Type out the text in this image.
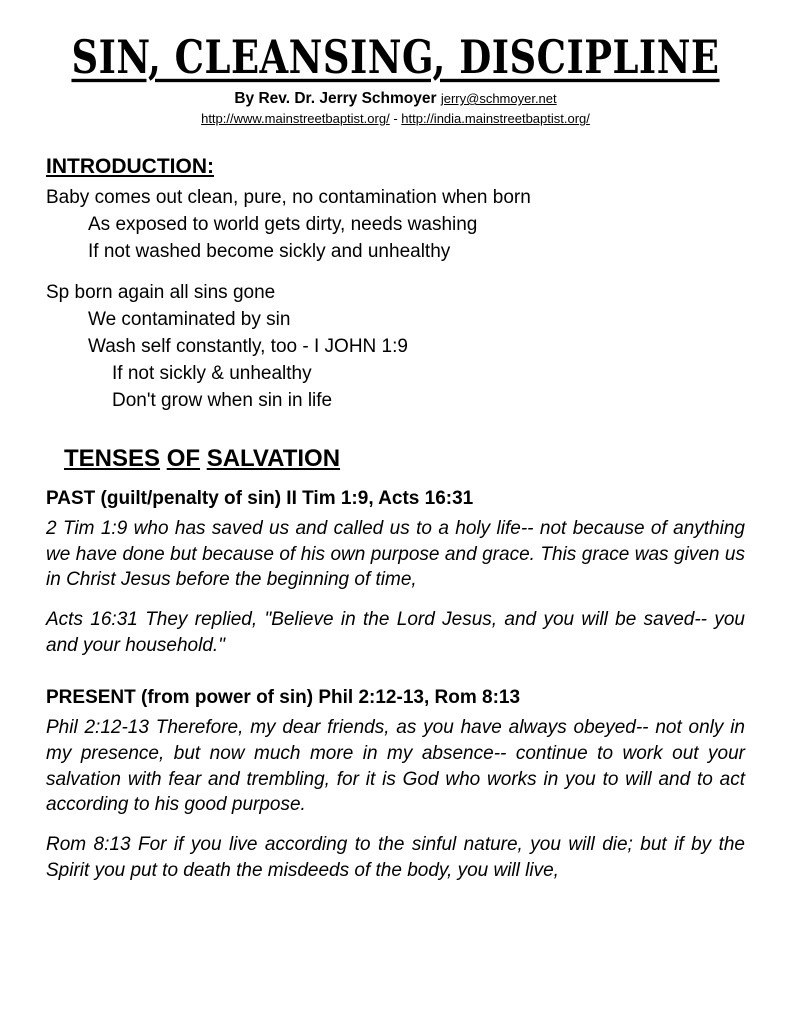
SIN, CLEANSING, DISCIPLINE
By Rev. Dr. Jerry Schmoyer jerry@schmoyer.net
http://www.mainstreetbaptist.org/ - http://india.mainstreetbaptist.org/
INTRODUCTION:
Baby comes out clean, pure, no contamination when born
As exposed to world gets dirty, needs washing
If not washed become sickly and unhealthy
Sp born again all sins gone
We contaminated by sin
Wash self constantly, too - I JOHN 1:9
If not sickly & unhealthy
Don't grow when sin in life
TENSES OF SALVATION
PAST (guilt/penalty of sin) II Tim 1:9, Acts 16:31

2 Tim 1:9 who has saved us and called us to a holy life-- not because of anything we have done but because of his own purpose and grace. This grace was given us in Christ Jesus before the beginning of time,

Acts 16:31 They replied, "Believe in the Lord Jesus, and you will be saved-- you and your household."

PRESENT (from power of sin) Phil 2:12-13, Rom 8:13

Phil 2:12-13 Therefore, my dear friends, as you have always obeyed-- not only in my presence, but now much more in my absence-- continue to work out your salvation with fear and trembling, for it is God who works in you to will and to act according to his good purpose.

Rom 8:13 For if you live according to the sinful nature, you will die; but if by the Spirit you put to death the misdeeds of the body, you will live,
